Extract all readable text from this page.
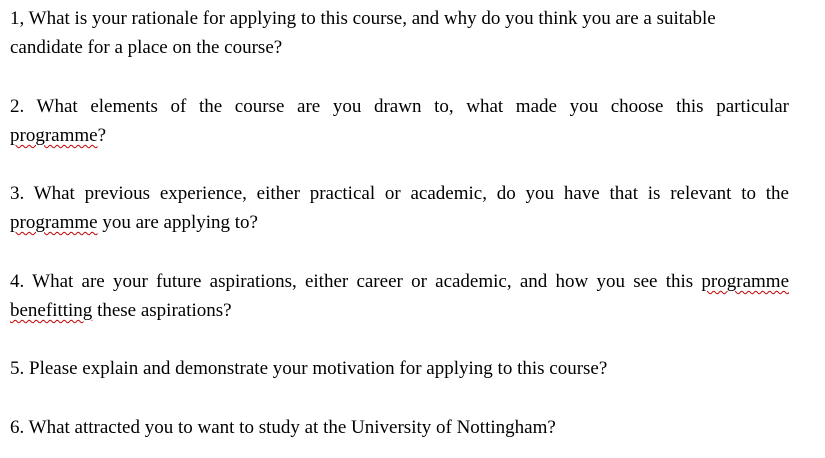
1, What is your rationale for applying to this course, and why do you think you are a suitable
candidate for a place on the course?
2. What elements of the course are you drawn to, what made you choose this particular
programme?
3. What previous experience, either practical or academic, do you have that is relevant to the
programme you are applying to?
4. What are your future aspirations, either career or academic, and how you see this programme
benefitting these aspirations?
5. Please explain and demonstrate your motivation for applying to this course?
6. What attracted you to want to study at the University of Nottingham?
